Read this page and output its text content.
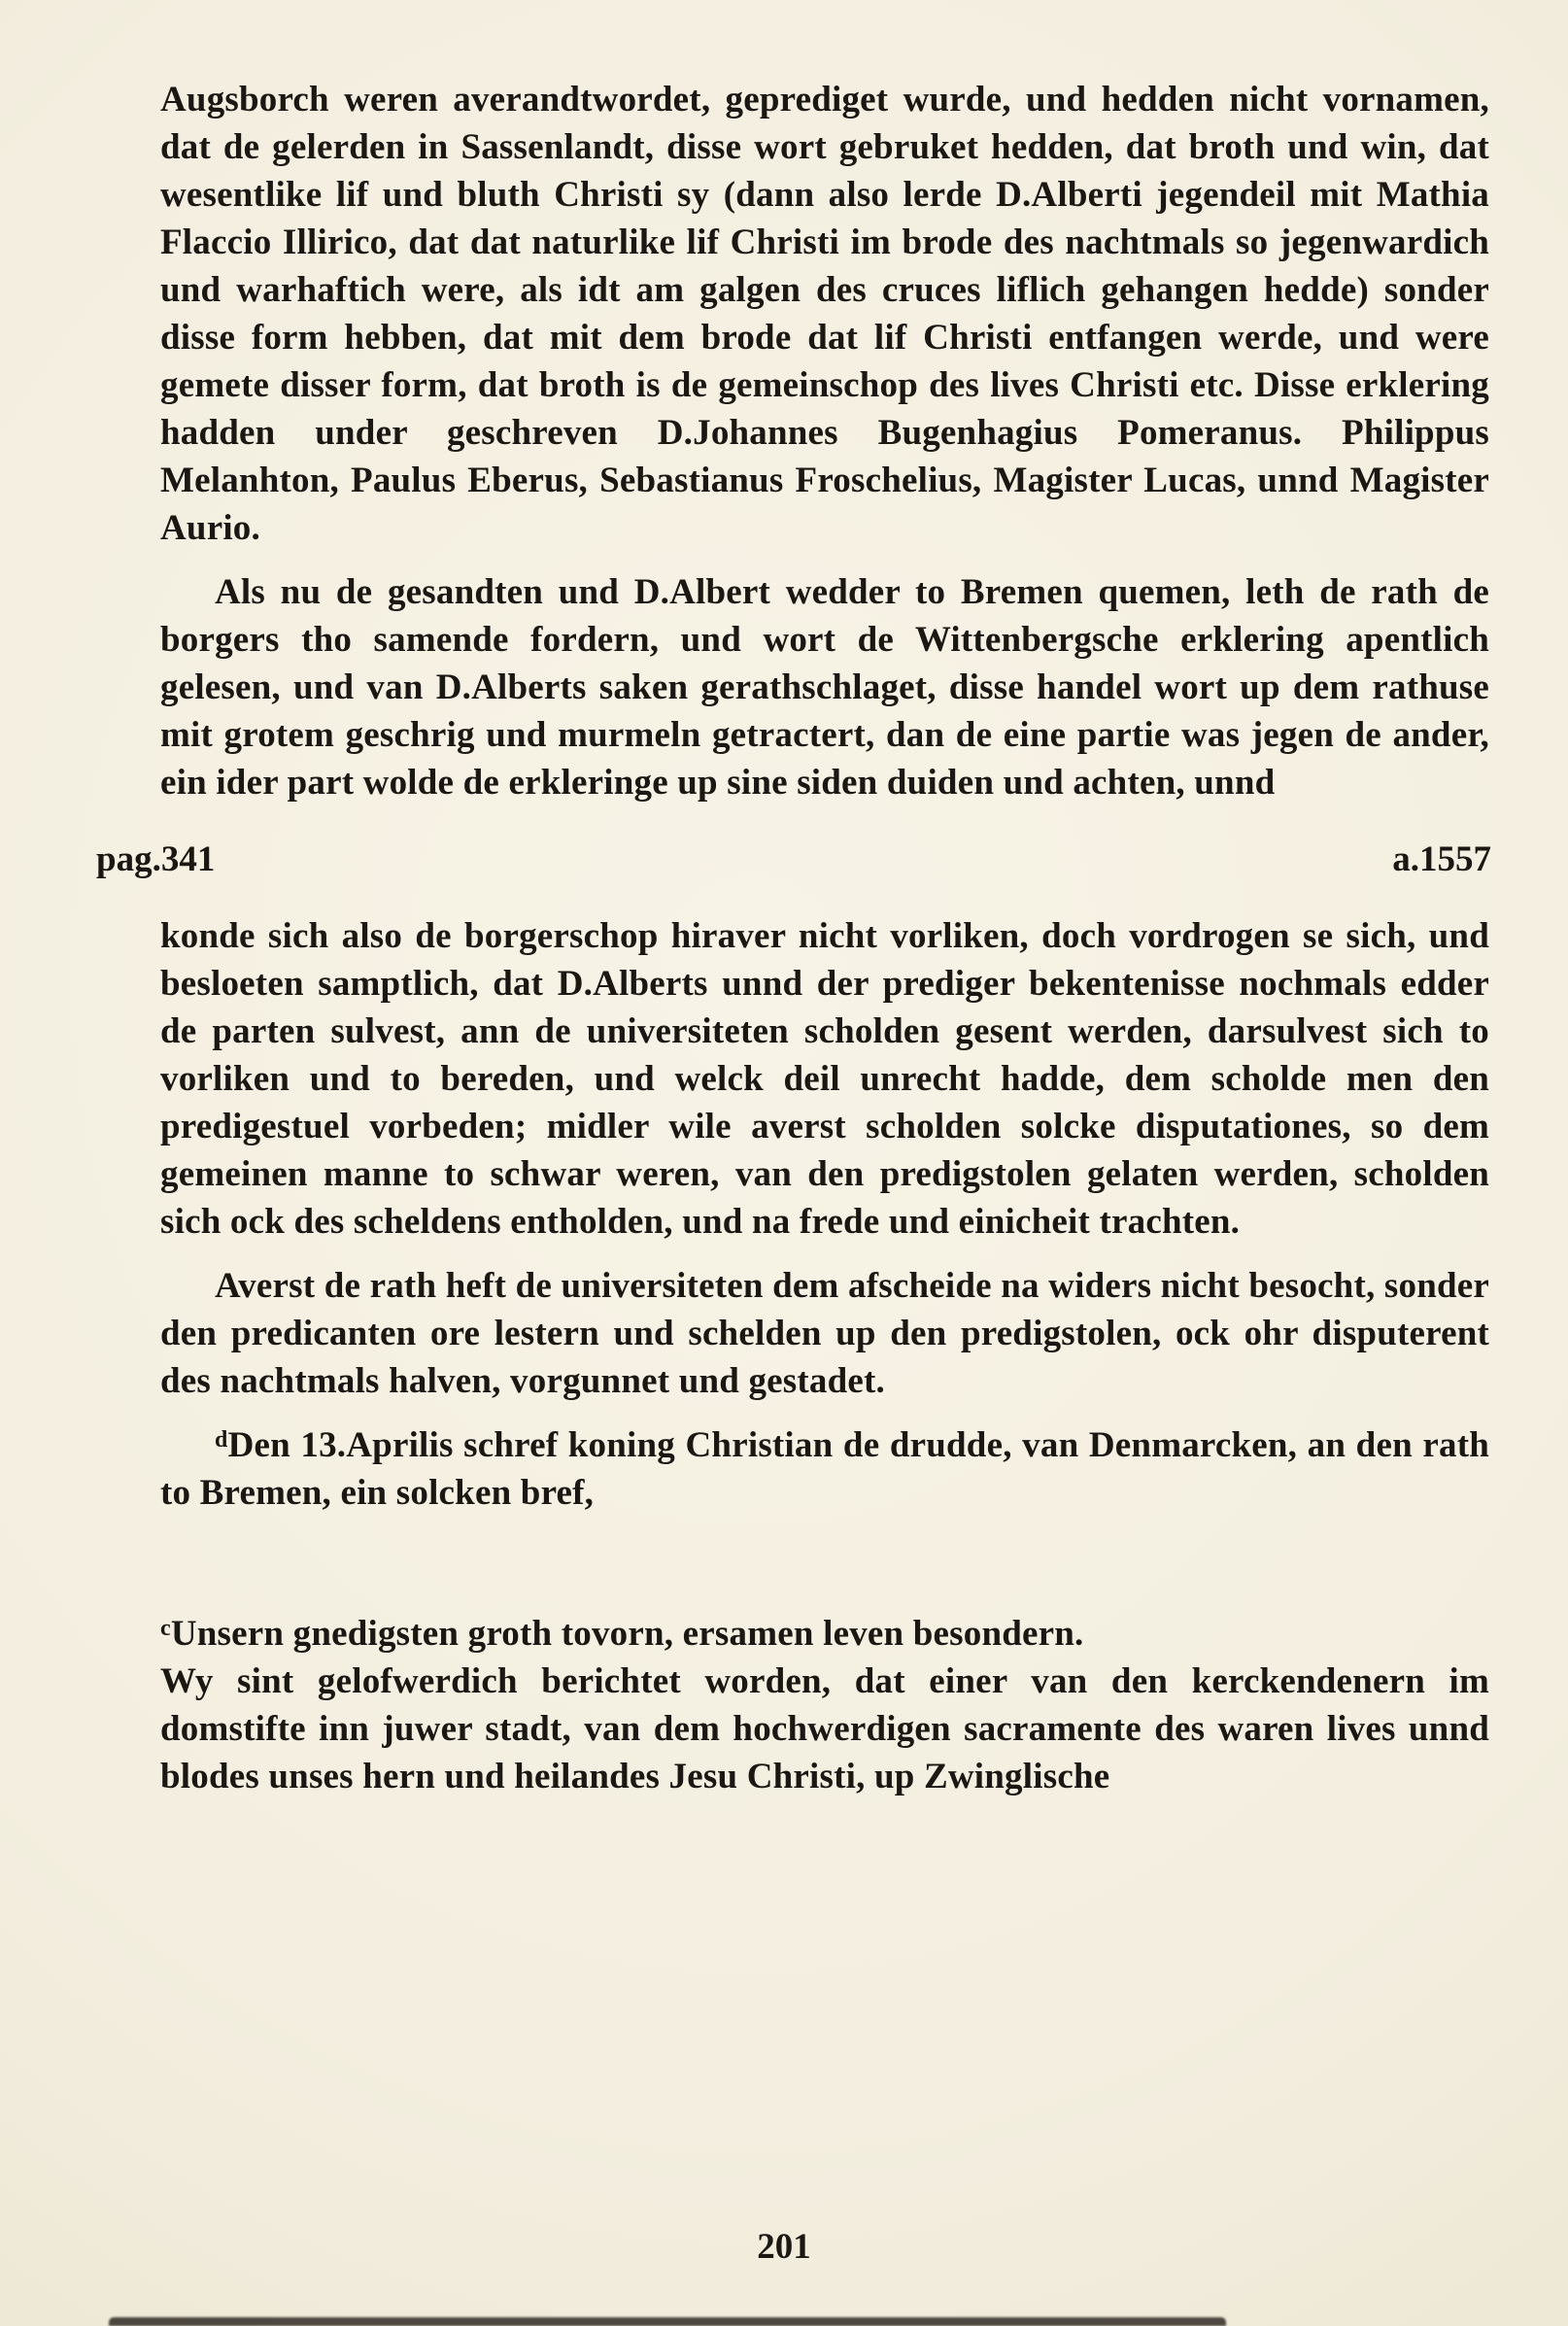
Augsborch weren averandtwordet, geprediget wurde, und hedden nicht vornamen, dat de gelerden in Sassenlandt, disse wort gebruket hedden, dat broth und win, dat wesentlike lif und bluth Christi sy (dann also lerde D.Alberti jegendeil mit Mathia Flaccio Illirico, dat dat naturlike lif Christi im brode des nachtmals so jegenwardich und warhaftich were, als idt am galgen des cruces liflich gehangen hedde) sonder disse form hebben, dat mit dem brode dat lif Christi entfangen werde, und were gemete disser form, dat broth is de gemeinschop des lives Christi etc. Disse erklering hadden under geschreven D.Johannes Bugenhagius Pomeranus. Philippus Melanhton, Paulus Eberus, Sebastianus Froschelius, Magister Lucas, unnd Magister Aurio.

Als nu de gesandten und D.Albert wedder to Bremen quemen, leth de rath de borgers tho samende fordern, und wort de Wittenbergsche erklering apentlich gelesen, und van D.Alberts saken gerathschlaget, disse handel wort up dem rathuse mit grotem geschrig und murmeln getractert, dan de eine partie was jegen de ander, ein ider part wolde de erkleringe up sine siden duiden und achten, unnd

pag.341	a.1557

konde sich also de borgerschop hiraver nicht vorliken, doch vordrogen se sich, und besloeten samptlich, dat D.Alberts unnd der prediger bekentenisse nochmals edder de parten sulvest, ann de universiteten scholden gesent werden, darsulvest sich to vorliken und to bereden, und welck deil unrecht hadde, dem scholde men den predigestuel vorbeden; midler wile averst scholden solcke disputationes, so dem gemeinen manne to schwar weren, van den predigstolen gelaten werden, scholden sich ock des scheldens entholden, und na frede und einicheit trachten.

Averst de rath heft de universiteten dem afscheide na widers nicht besocht, sonder den predicanten ore lestern und schelden up den predigstolen, ock ohr disputerent des nachtmals halven, vorgunnet und gestadet.

$^d$Den 13.Aprilis schref koning Christian de drudde, van Denmarcken, an den rath to Bremen, ein solcken bref,

$^c$Unsern gnedigsten groth tovorn, ersamen leven besondern.
Wy sint gelofwerdich berichtet worden, dat einer van den kerckendenern im domstifte inn juwer stadt, van dem hochwerdigen sacramente des waren lives unnd blodes unses hern und heilandes Jesu Christi, up Zwinglische

201
